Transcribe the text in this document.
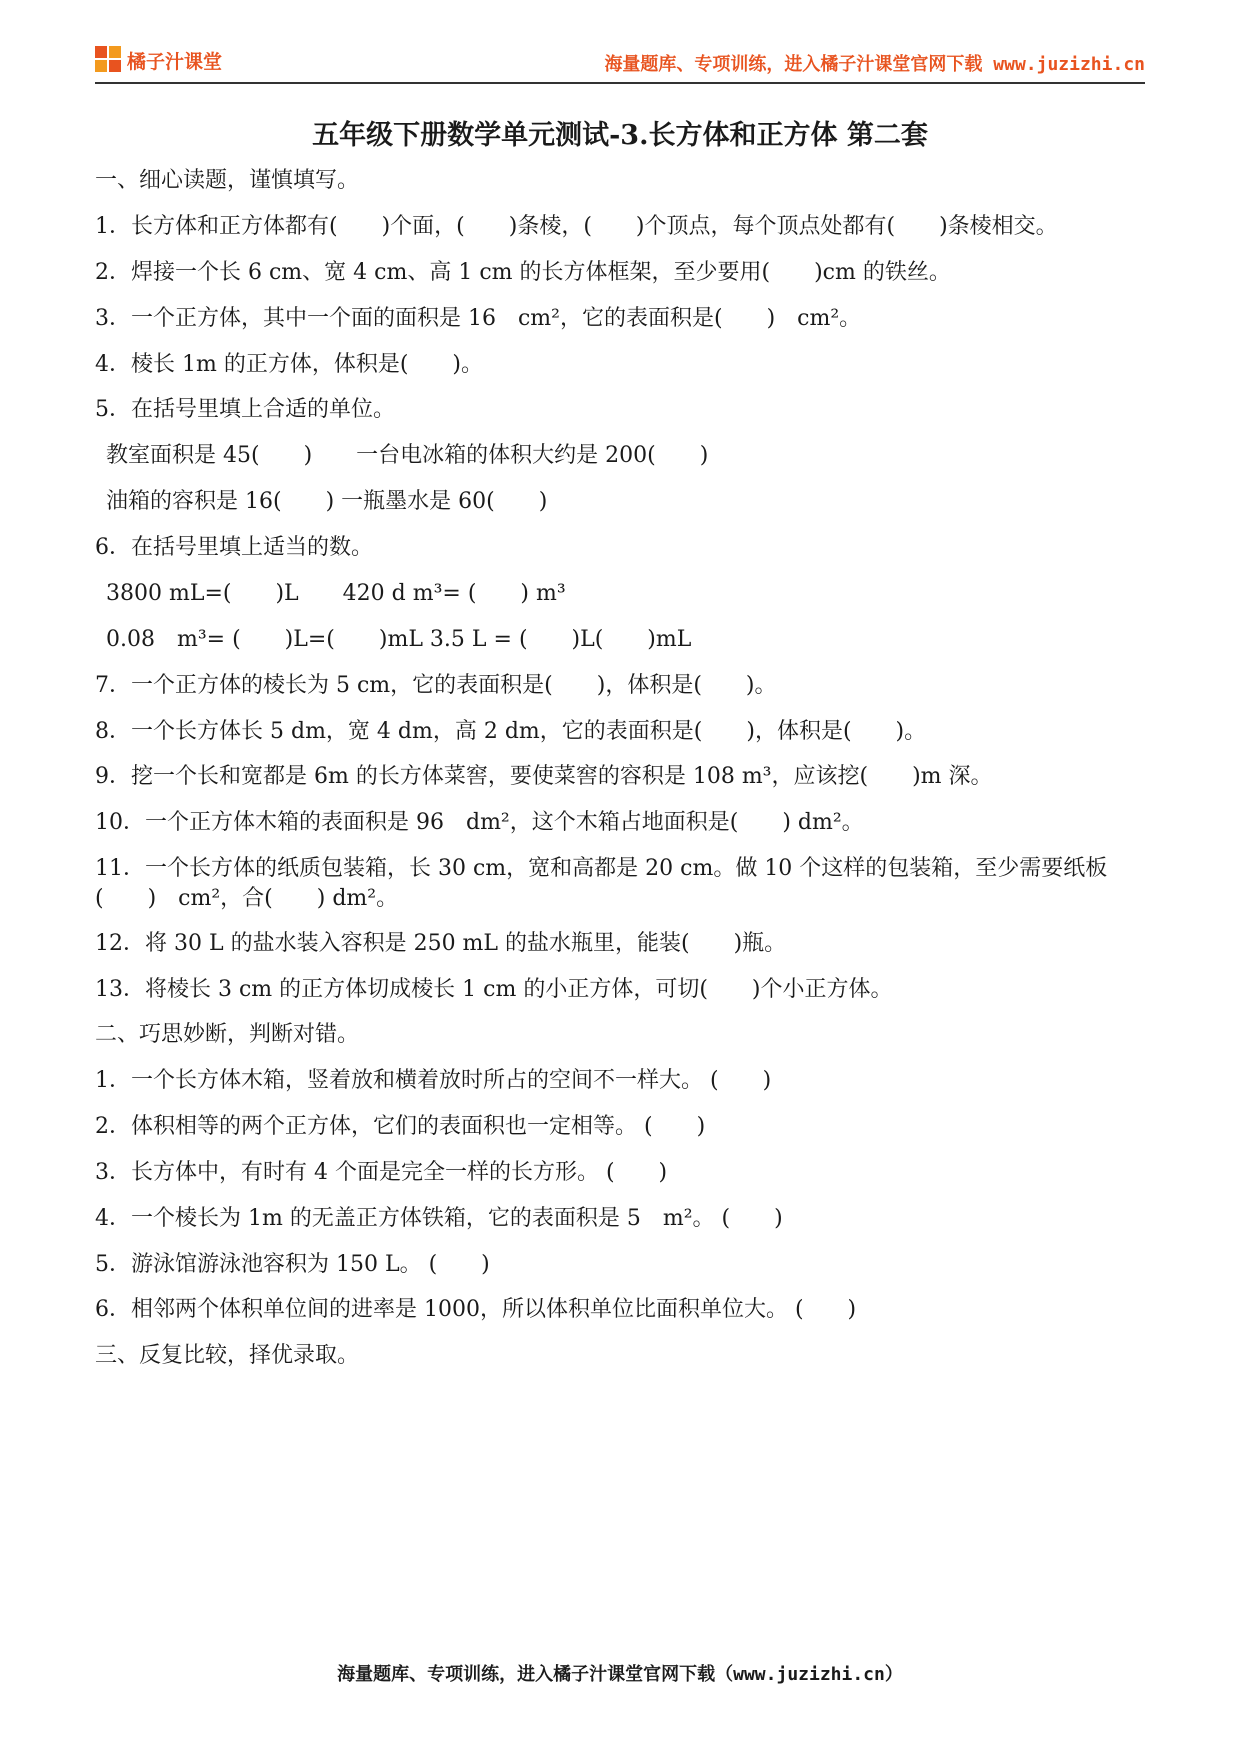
橘子汁课堂	海量题库、专项训练，进入橘子汁课堂官网下载 www.juzizhi.cn
五年级下册数学单元测试-3.长方体和正方体 第二套
一、细心读题，谨慎填写。
1．长方体和正方体都有(　　)个面，(　　)条棱，(　　)个顶点，每个顶点处都有(　　)条棱相交。
2．焊接一个长 6 cm、宽 4 cm、高 1 cm 的长方体框架，至少要用(　　)cm 的铁丝。
3．一个正方体，其中一个面的面积是 16　cm²，它的表面积是(　　)　cm²。
4．棱长 1m 的正方体，体积是(　　)。
5．在括号里填上合适的单位。
教室面积是 45(　　)　　一台电冰箱的体积大约是 200(　　)
油箱的容积是 16(　　) 一瓶墨水是 60(　　)
6．在括号里填上适当的数。
3800 mL=(　　)L　　420 d m³= (　　) m³
0.08　m³= (　　)L=(　　)mL 3.5 L = (　　)L(　　)mL
7．一个正方体的棱长为 5 cm，它的表面积是(　　)，体积是(　　)。
8．一个长方体长 5 dm，宽 4 dm，高 2 dm，它的表面积是(　　)，体积是(　　)。
9．挖一个长和宽都是 6m 的长方体菜窖，要使菜窖的容积是 108 m³，应该挖(　　)m 深。
10．一个正方体木箱的表面积是 96　dm²，这个木箱占地面积是(　　) dm²。
11．一个长方体的纸质包装箱，长 30 cm，宽和高都是 20 cm。做 10 个这样的包装箱，至少需要纸板(　　)　cm²，合(　　) dm²。
12．将 30 L 的盐水装入容积是 250 mL 的盐水瓶里，能装(　　)瓶。
13．将棱长 3 cm 的正方体切成棱长 1 cm 的小正方体，可切(　　)个小正方体。
二、巧思妙断，判断对错。
1．一个长方体木箱，竖着放和横着放时所占的空间不一样大。 (　　)
2．体积相等的两个正方体，它们的表面积也一定相等。 (　　)
3．长方体中，有时有 4 个面是完全一样的长方形。 (　　)
4．一个棱长为 1m 的无盖正方体铁箱，它的表面积是 5　m²。 (　　)
5．游泳馆游泳池容积为 150 L。 (　　)
6．相邻两个体积单位间的进率是 1000，所以体积单位比面积单位大。 (　　)
三、反复比较，择优录取。
海量题库、专项训练，进入橘子汁课堂官网下载（www.juzizhi.cn）
